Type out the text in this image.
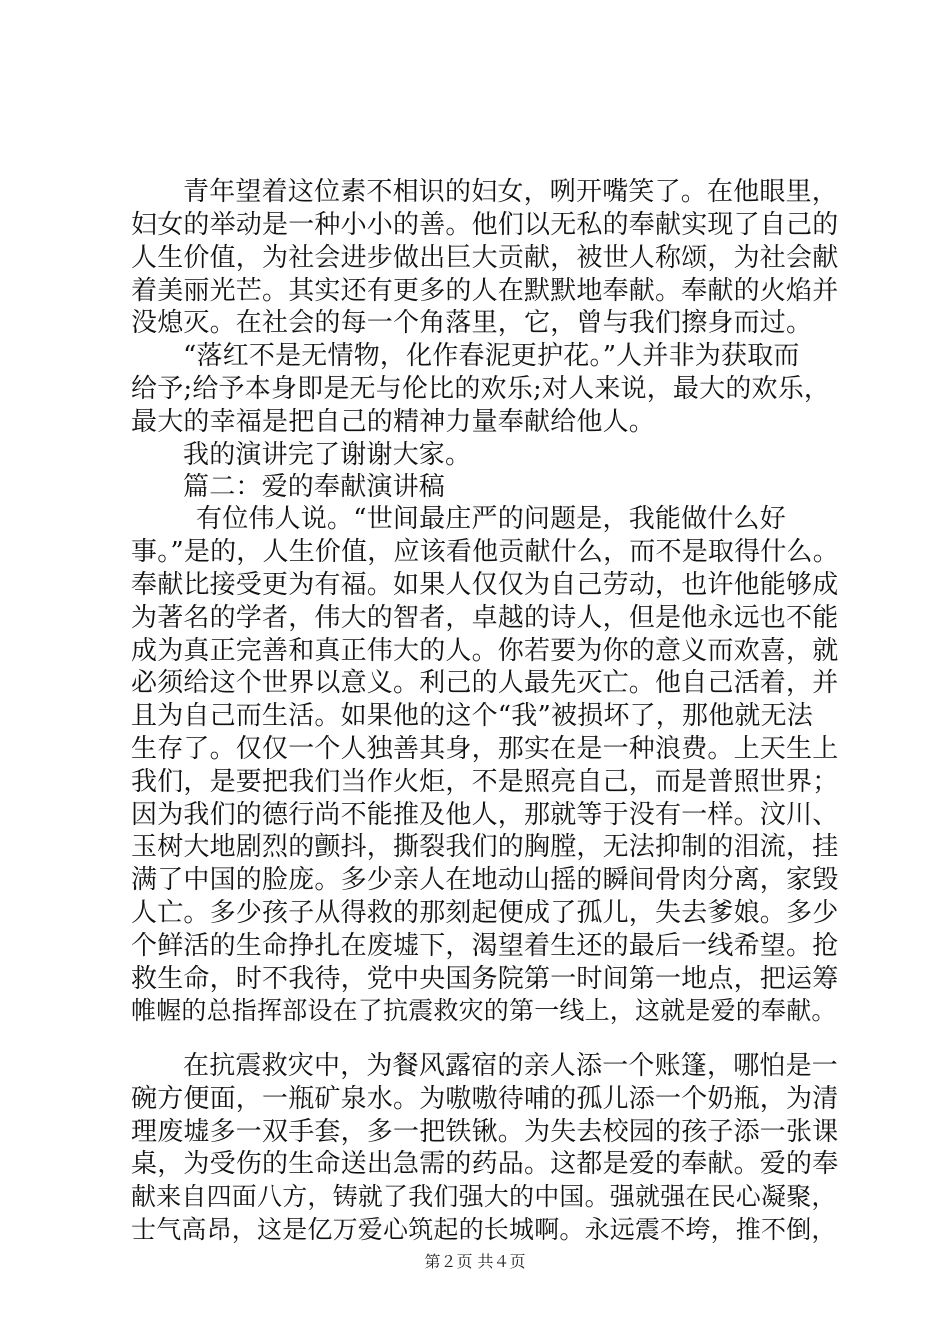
青年望着这位素不相识的妇女，咧开嘴笑了。在他眼里，
妇女的举动是一种小小的善。他们以无私的奉献实现了自己的
人生价值，为社会进步做出巨大贡献，被世人称颂，为社会献
着美丽光芒。其实还有更多的人在默默地奉献。奉献的火焰并
没熄灭。在社会的每一个角落里，它，曾与我们擦身而过。
“落红不是无情物，化作春泥更护花。”人并非为获取而
给予;给予本身即是无与伦比的欢乐;对人来说，最大的欢乐，
最大的幸福是把自己的精神力量奉献给他人。
我的演讲完了谢谢大家。
篇二：爱的奉献演讲稿
有位伟人说。“世间最庄严的问题是，我能做什么好
事。”是的，人生价值，应该看他贡献什么，而不是取得什么。
奉献比接受更为有福。如果人仅仅为自己劳动，也许他能够成
为著名的学者，伟大的智者，卓越的诗人，但是他永远也不能
成为真正完善和真正伟大的人。你若要为你的意义而欢喜，就
必须给这个世界以意义。利己的人最先灭亡。他自己活着，并
且为自己而生活。如果他的这个“我”被损坏了，那他就无法
生存了。仅仅一个人独善其身，那实在是一种浪费。上天生上
我们，是要把我们当作火炬，不是照亮自己，而是普照世界；
因为我们的德行尚不能推及他人，那就等于没有一样。汶川、
玉树大地剧烈的颤抖，撕裂我们的胸膛，无法抑制的泪流，挂
满了中国的脸庞。多少亲人在地动山摇的瞬间骨肉分离，家毁
人亡。多少孩子从得救的那刻起便成了孤儿，失去爹娘。多少
个鲜活的生命挣扎在废墟下，渴望着生还的最后一线希望。抢
救生命，时不我待，党中央国务院第一时间第一地点，把运筹
帷幄的总指挥部设在了抗震救灾的第一线上，这就是爱的奉献。
在抗震救灾中，为餐风露宿的亲人添一个账篷，哪怕是一
碗方便面，一瓶矿泉水。为嗷嗷待哺的孤儿添一个奶瓶，为清
理废墟多一双手套，多一把铁锹。为失去校园的孩子添一张课
桌，为受伤的生命送出急需的药品。这都是爱的奉献。爱的奉
献来自四面八方，铸就了我们强大的中国。强就强在民心凝聚，
士气高昂，这是亿万爱心筑起的长城啊。永远震不垮，推不倒，
第２页 共４页
